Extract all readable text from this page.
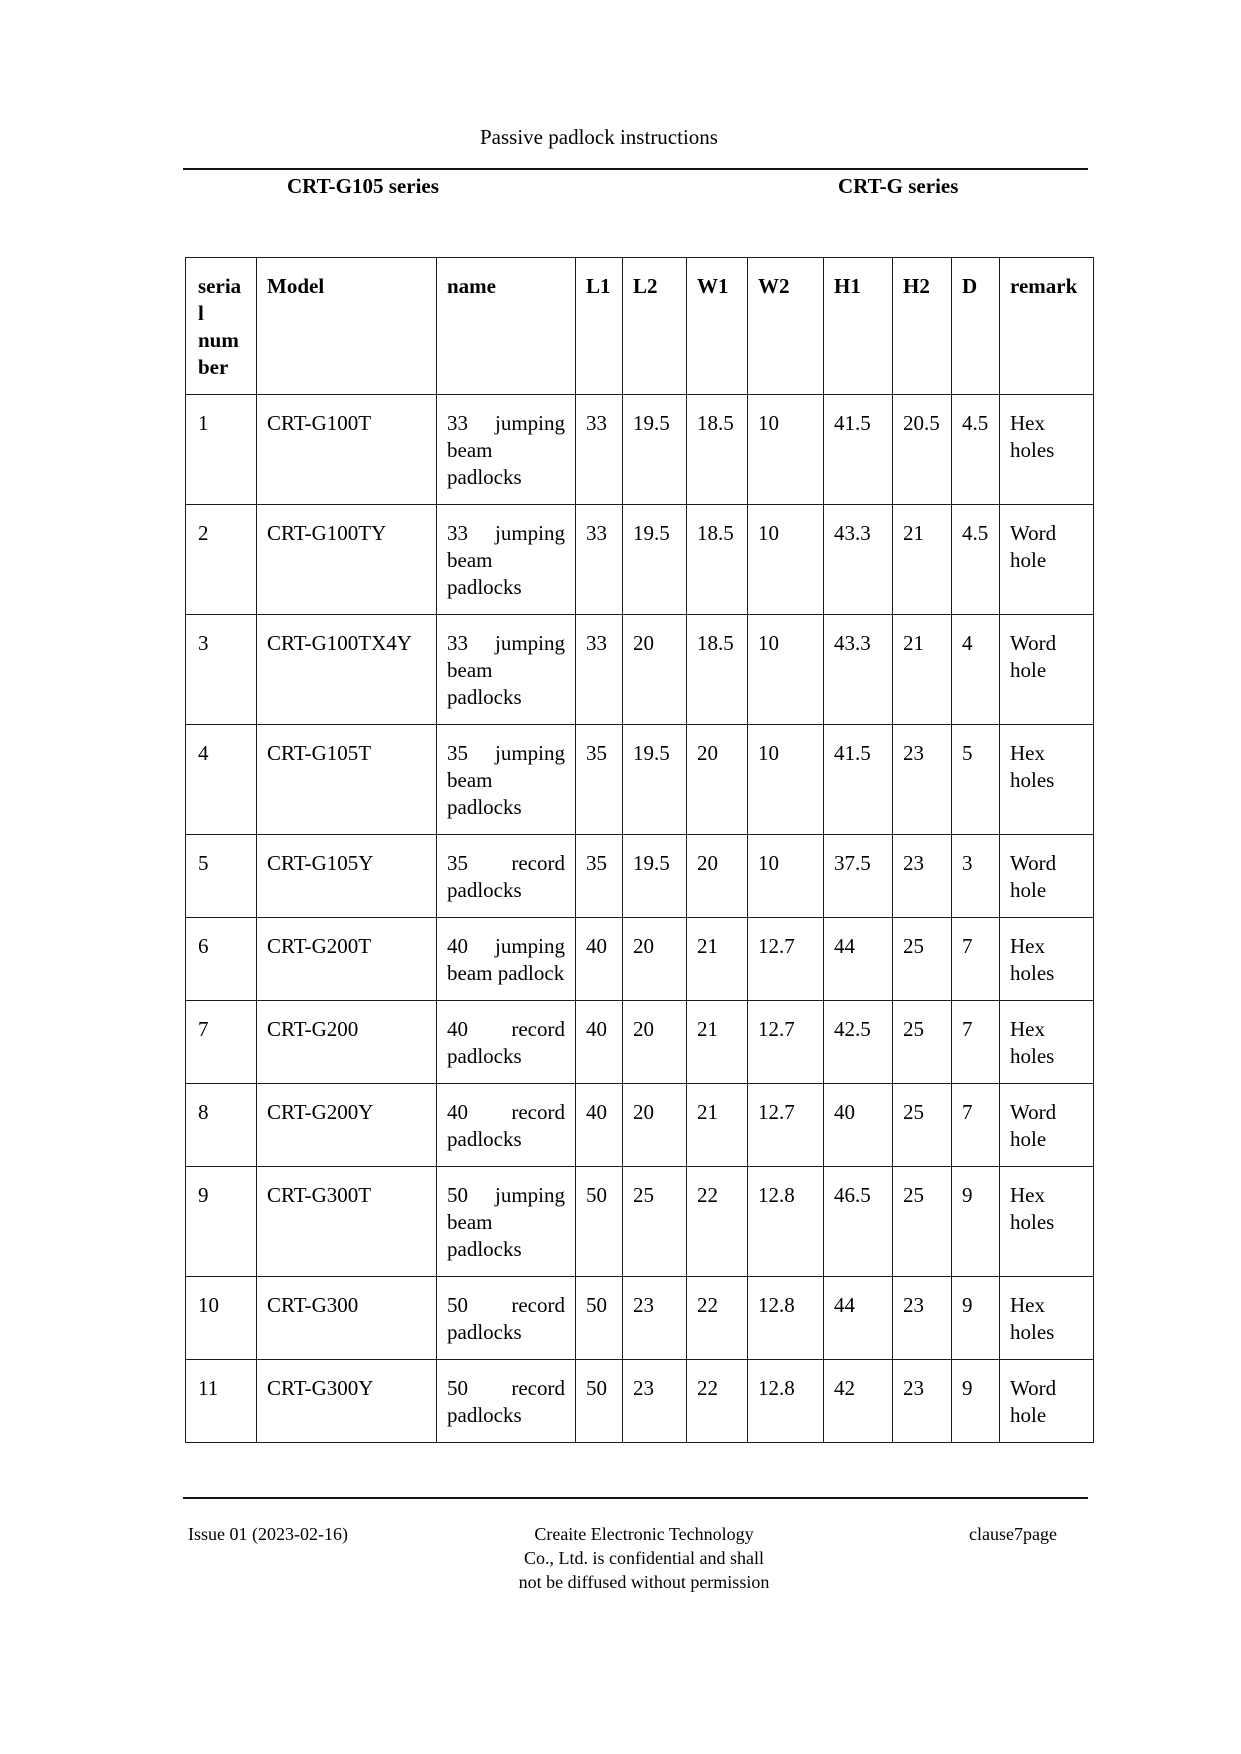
Passive padlock instructions
CRT-G105 series	CRT-G series
serial number	Model	name	L1	L2	W1	W2	H1	H2	D	remark
1	CRT-G100T	33 jumping beam padlocks	33	19.5	18.5	10	41.5	20.5	4.5	Hex holes
2	CRT-G100TY	33 jumping beam padlocks	33	19.5	18.5	10	43.3	21	4.5	Word hole
3	CRT-G100TX4Y	33 jumping beam padlocks	33	20	18.5	10	43.3	21	4	Word hole
4	CRT-G105T	35 jumping beam padlocks	35	19.5	20	10	41.5	23	5	Hex holes
5	CRT-G105Y	35 record padlocks	35	19.5	20	10	37.5	23	3	Word hole
6	CRT-G200T	40 jumping beam padlock	40	20	21	12.7	44	25	7	Hex holes
7	CRT-G200	40 record padlocks	40	20	21	12.7	42.5	25	7	Hex holes
8	CRT-G200Y	40 record padlocks	40	20	21	12.7	40	25	7	Word hole
9	CRT-G300T	50 jumping beam padlocks	50	25	22	12.8	46.5	25	9	Hex holes
10	CRT-G300	50 record padlocks	50	23	22	12.8	44	23	9	Hex holes
11	CRT-G300Y	50 record padlocks	50	23	22	12.8	42	23	9	Word hole
Issue 01 (2023-02-16)	Creaite Electronic Technology
Co., Ltd. is confidential and shall
not be diffused without permission
clause7page
